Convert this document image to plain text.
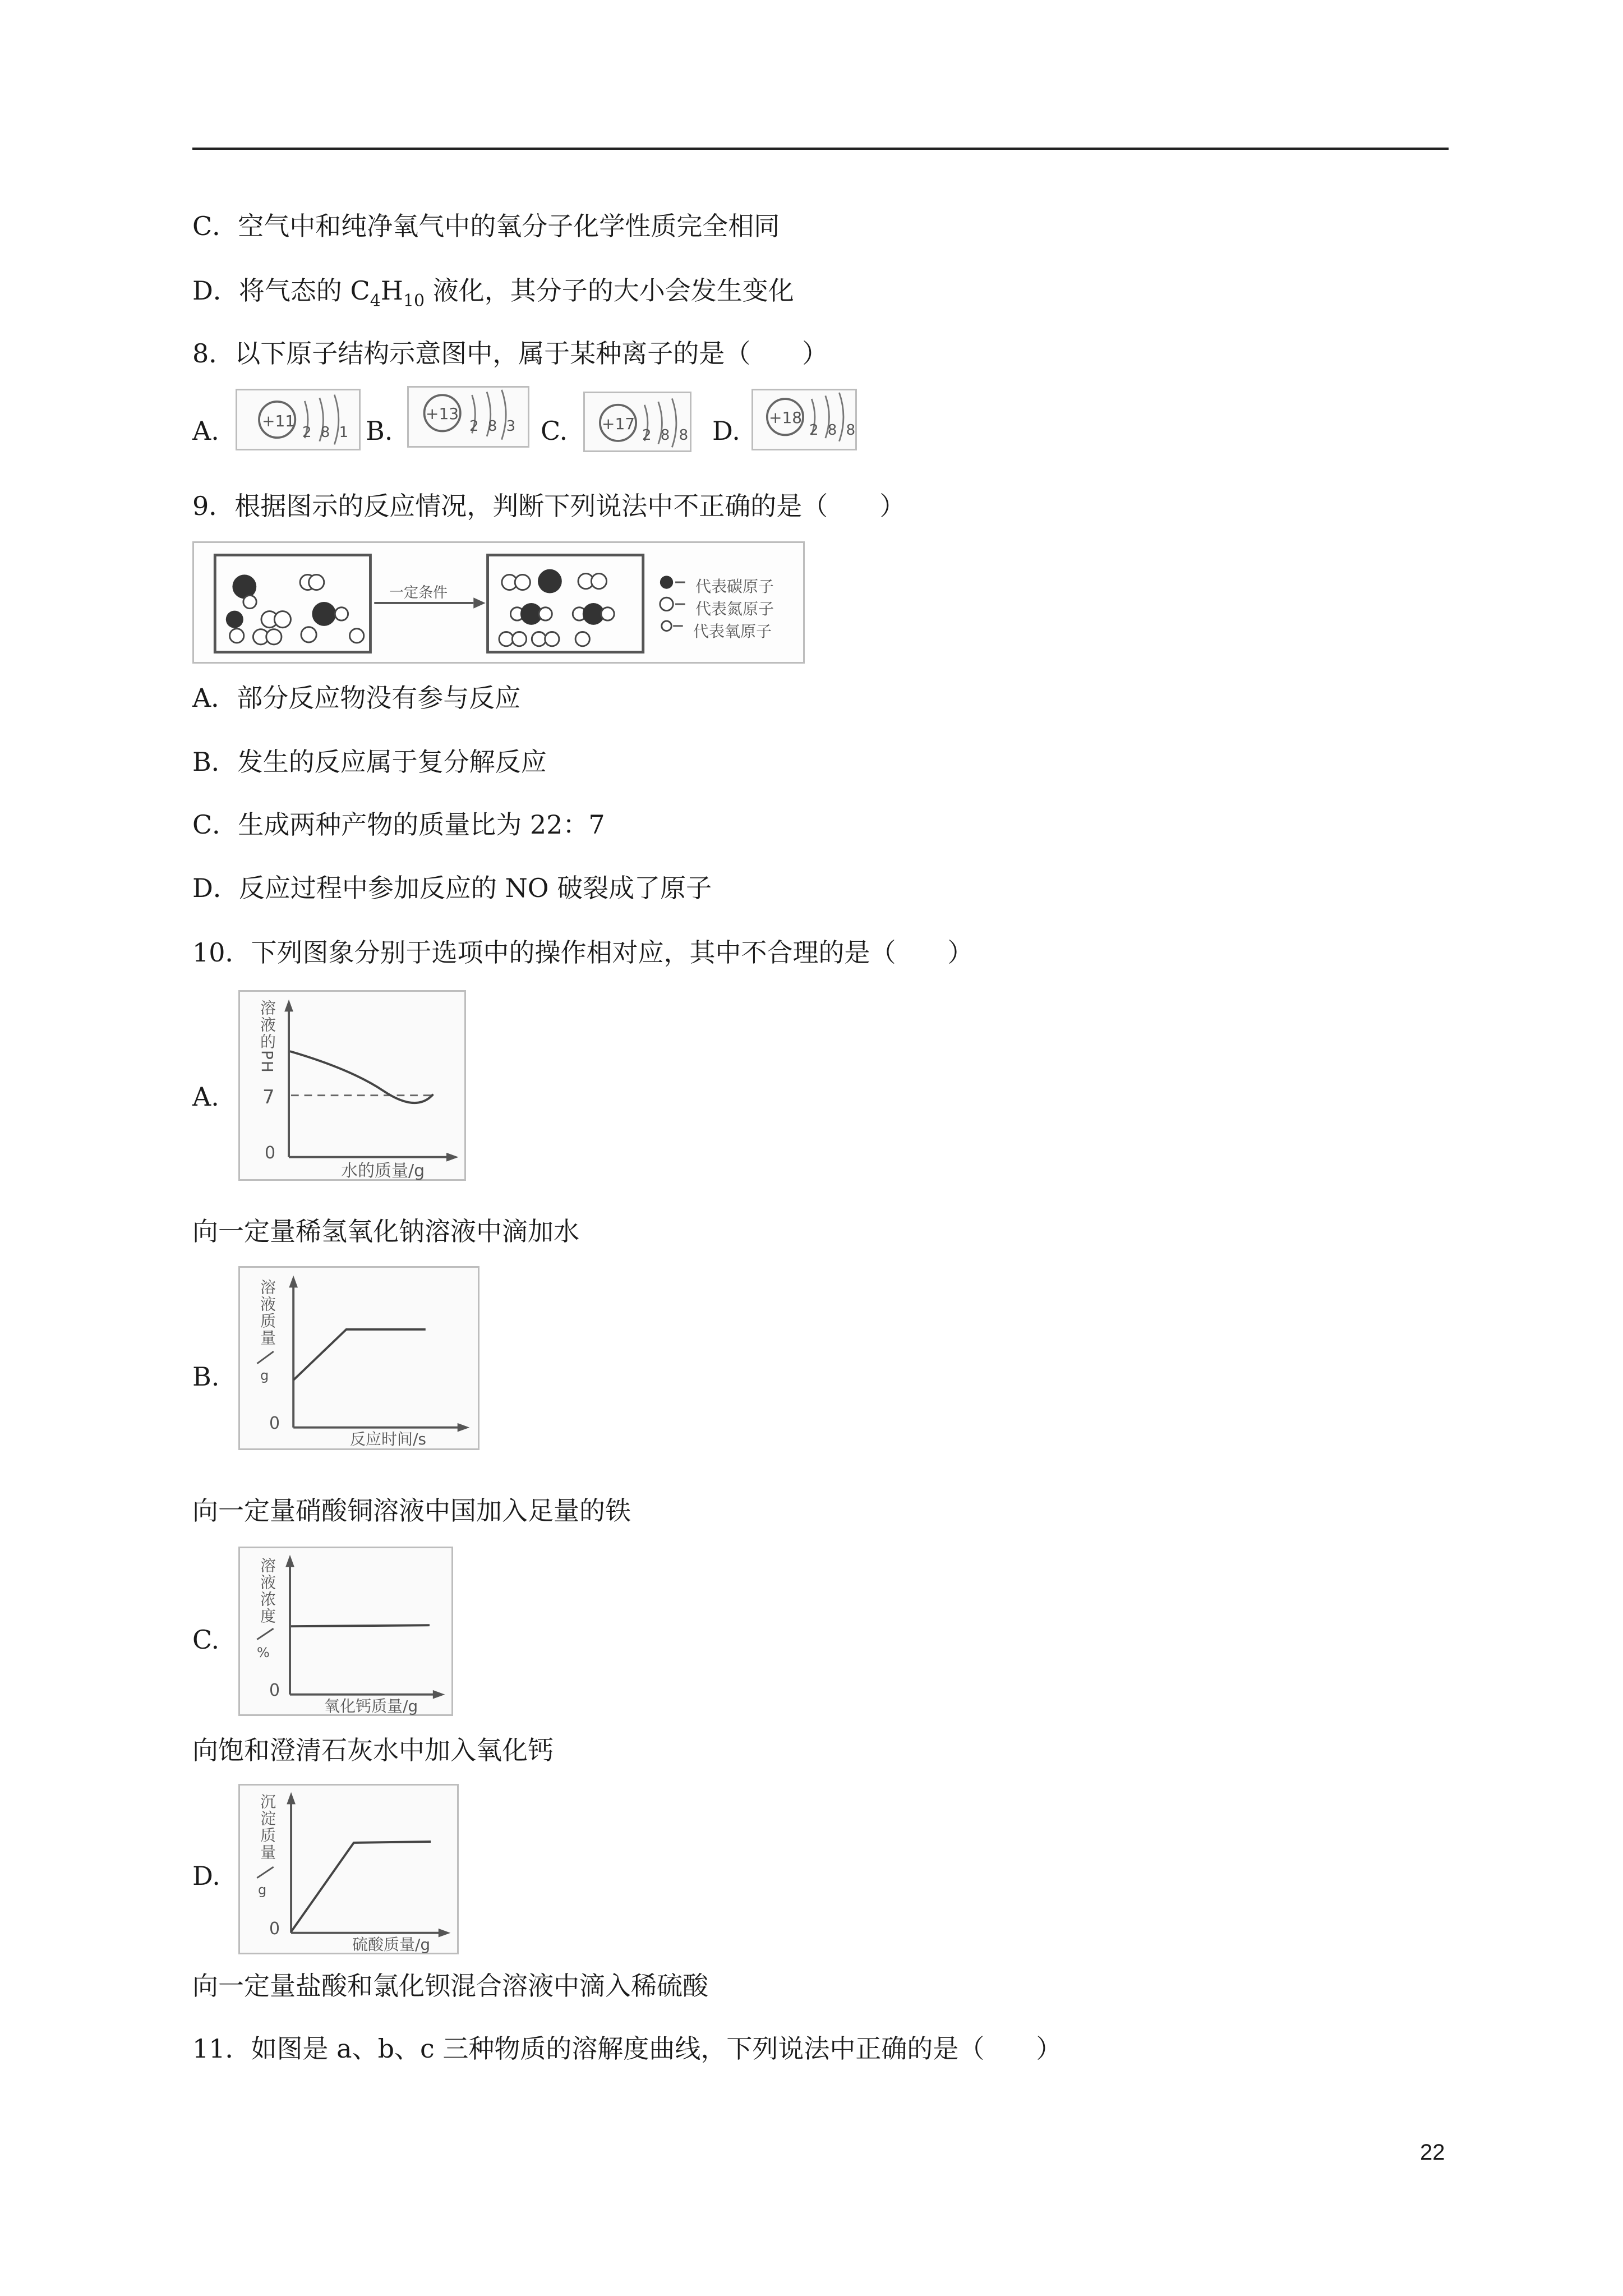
C．空气中和纯净氧气中的氧分子化学性质完全相同
D．将气态的 $C_4H_{10}$ 液化，其分子的大小会发生变化
8．以下原子结构示意图中，属于某种离子的是（　　）
A.	+11
2 8 1 B.
+13
2 8 3 C. +17
2 8 8 D. +18
2 8 8
9．根据图示的反应情况，判断下列说法中不正确的是（　　）
一定条件	代表碳原子
代表氮原子
代表氧原子
A．部分反应物没有参与反应
B．发生的反应属于复分解反应
C．生成两种产物的质量比为 22：7
D．反应过程中参加反应的 NO 破裂成了原子
10．下列图象分别于选项中的操作相对应，其中不合理的是（　　）
A.
溶液的PH
7
0
水的质量/g
向一定量稀氢氧化钠溶液中滴加水
B.
溶液质量
g
0
反应时间/s
向一定量硝酸铜溶液中国加入足量的铁
C.
溶液浓度
%
0
氧化钙质量/g
向饱和澄清石灰水中加入氧化钙
D.
沉淀质量
g
0
硫酸质量/g
向一定量盐酸和氯化钡混合溶液中滴入稀硫酸
11．如图是 a、b、c 三种物质的溶解度曲线，下列说法中正确的是（　　）
22
